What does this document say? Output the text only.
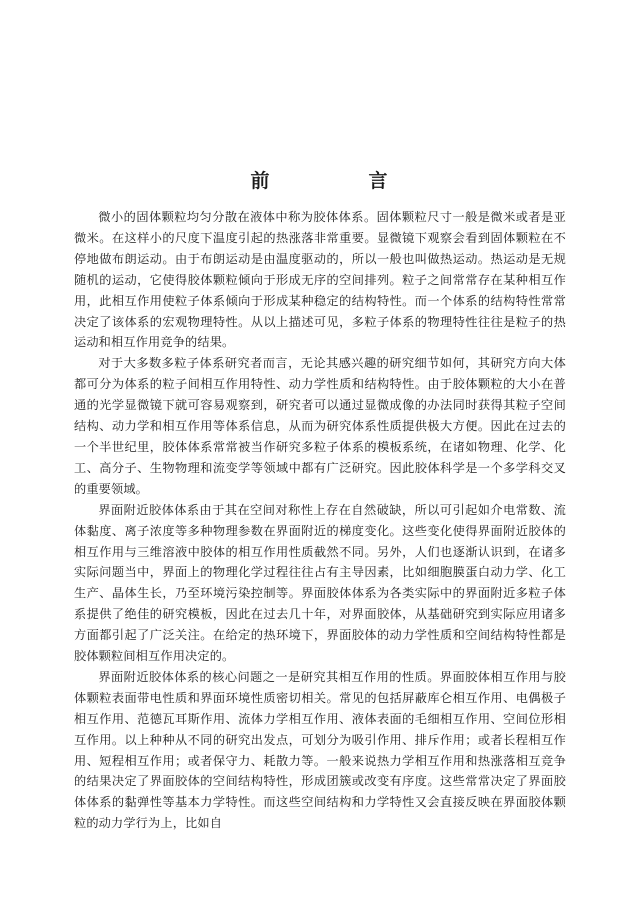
前　言

微小的固体颗粒均匀分散在液体中称为胶体体系。固体颗粒尺寸一般是微米或者是亚微米。在这样小的尺度下温度引起的热涨落非常重要。显微镜下观察会看到固体颗粒在不停地做布朗运动。由于布朗运动是由温度驱动的，所以一般也叫做热运动。热运动是无规随机的运动，它使得胶体颗粒倾向于形成无序的空间排列。粒子之间常常存在某种相互作用，此相互作用使粒子体系倾向于形成某种稳定的结构特性。而一个体系的结构特性常常决定了该体系的宏观物理特性。从以上描述可见，多粒子体系的物理特性往往是粒子的热运动和相互作用竞争的结果。

对于大多数多粒子体系研究者而言，无论其感兴趣的研究细节如何，其研究方向大体都可分为体系的粒子间相互作用特性、动力学性质和结构特性。由于胶体颗粒的大小在普通的光学显微镜下就可容易观察到，研究者可以通过显微成像的办法同时获得其粒子空间结构、动力学和相互作用等体系信息，从而为研究体系性质提供极大方便。因此在过去的一个半世纪里，胶体体系常常被当作研究多粒子体系的模板系统，在诸如物理、化学、化工、高分子、生物物理和流变学等领域中都有广泛研究。因此胶体科学是一个多学科交叉的重要领域。

界面附近胶体体系由于其在空间对称性上存在自然破缺，所以可引起如介电常数、流体黏度、离子浓度等多种物理参数在界面附近的梯度变化。这些变化使得界面附近胶体的相互作用与三维溶液中胶体的相互作用性质截然不同。另外，人们也逐渐认识到，在诸多实际问题当中，界面上的物理化学过程往往占有主导因素，比如细胞膜蛋白动力学、化工生产、晶体生长，乃至环境污染控制等。界面胶体体系为各类实际中的界面附近多粒子体系提供了绝佳的研究模板，因此在过去几十年，对界面胶体，从基础研究到实际应用诸多方面都引起了广泛关注。在给定的热环境下，界面胶体的动力学性质和空间结构特性都是胶体颗粒间相互作用决定的。

界面附近胶体体系的核心问题之一是研究其相互作用的性质。界面胶体相互作用与胶体颗粒表面带电性质和界面环境性质密切相关。常见的包括屏蔽库仑相互作用、电偶极子相互作用、范德瓦耳斯作用、流体力学相互作用、液体表面的毛细相互作用、空间位形相互作用。以上种种从不同的研究出发点，可划分为吸引作用、排斥作用；或者长程相互作用、短程相互作用；或者保守力、耗散力等。一般来说热力学相互作用和热涨落相互竞争的结果决定了界面胶体的空间结构特性，形成团簇或改变有序度。这些常常决定了界面胶体体系的黏弹性等基本力学特性。而这些空间结构和力学特性又会直接反映在界面胶体颗粒的动力学行为上，比如自
